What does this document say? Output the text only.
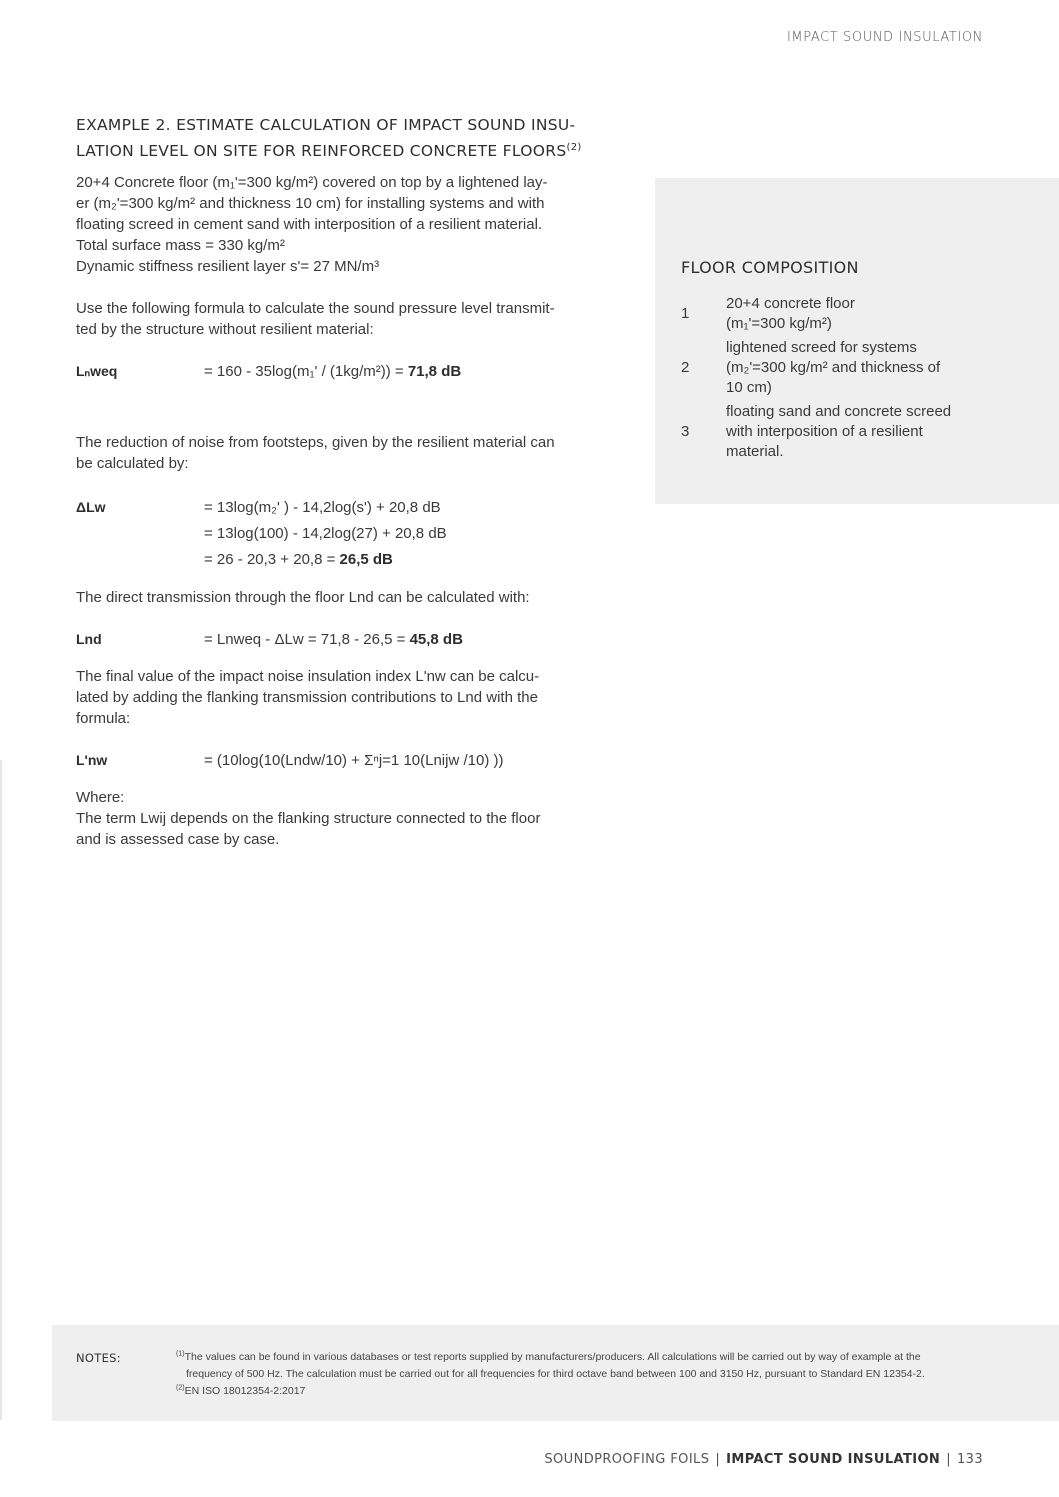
IMPACT SOUND INSULATION
EXAMPLE 2. ESTIMATE CALCULATION OF IMPACT SOUND INSU-LATION LEVEL ON SITE FOR REINFORCED CONCRETE FLOORS$^{(2)}$

20+4 Concrete floor (m₁'=300 kg/m²) covered on top by a lightened lay-
er (m₂'=300 kg/m² and thickness 10 cm) for installing systems and with
floating screed in cement sand with interposition of a resilient material.
Total surface mass = 330 kg/m²
Dynamic stiffness resilient layer s'= 27 MN/m³

Use the following formula to calculate the sound pressure level transmit-
ted by the structure without resilient material:

Lₙweq	= 160 - 35log(m₁' / (1kg/m²)) = 71,8 dB

The reduction of noise from footsteps, given by the resilient material can
be calculated by:

ΔLw	= 13log(m₂' ) - 14,2log(s') + 20,8 dB
= 13log(100) - 14,2log(27) + 20,8 dB
= 26 - 20,3 + 20,8 = 26,5 dB

The direct transmission through the floor Lnd can be calculated with:

Lnd	= Lnweq - ΔLw = 71,8 - 26,5 = 45,8 dB

The final value of the impact noise insulation index L'nw can be calcu-
lated by adding the flanking transmission contributions to Lnd with the
formula:

L'nw	= (10log(10(Lndw/10) + Σⁿj=1 10(Lnijw /10) ))

Where:
The term Lwij depends on the flanking structure connected to the floor
and is assessed case by case.

FLOOR COMPOSITION
1
20+4 concrete floor
(m₁'=300 kg/m²)
2
lightened screed for systems
(m₂'=300 kg/m² and thickness of
10 cm)
3
floating sand and concrete screed
with interposition of a resilient
material.
NOTES:	$^{(1)}$The values can be found in various databases or test reports supplied by manufacturers/producers. All calculations will be carried out by way of example at the
frequency of 500 Hz. The calculation must be carried out for all frequencies for third octave band between 100 and 3150 Hz, pursuant to Standard EN 12354-2.
$^{(2)}$EN ISO 18012354-2:2017
SOUNDPROOFING FOILS | IMPACT SOUND INSULATION | 133
